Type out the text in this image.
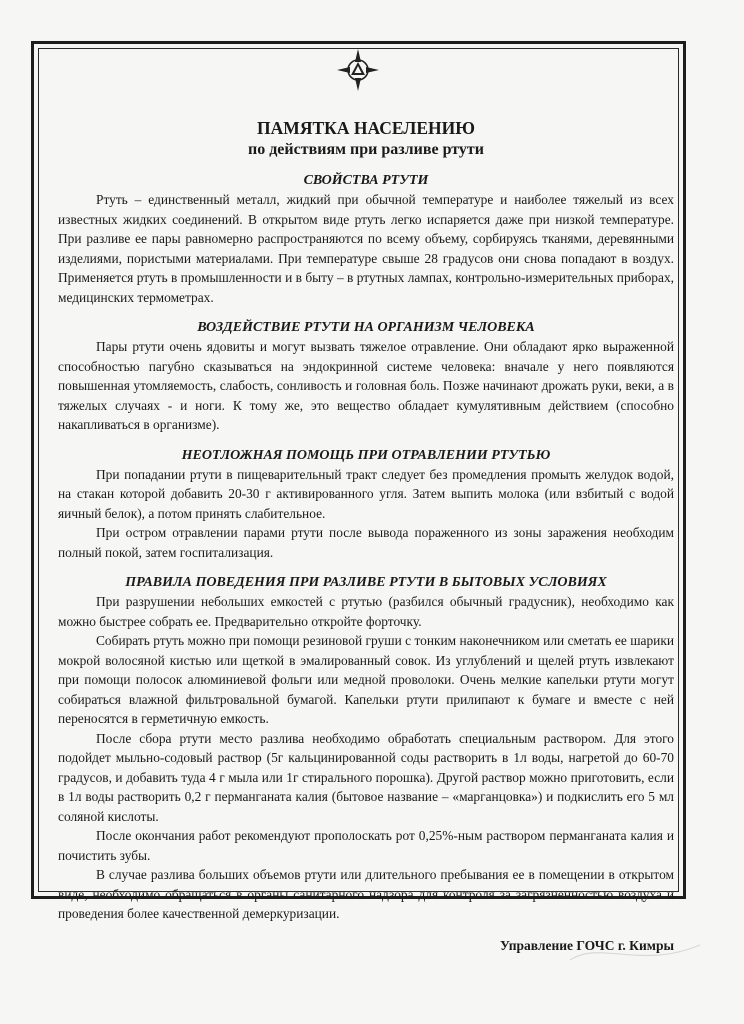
ПАМЯТКА НАСЕЛЕНИЮ
по действиям при разливе ртути
СВОЙСТВА РТУТИ

Ртуть – единственный металл, жидкий при обычной температуре и наиболее тяжелый из всех известных жидких соединений. В открытом виде ртуть легко испаряется даже при низкой температуре. При разливе ее пары равномерно распространяются по всему объему, сорбируясь тканями, деревянными изделиями, пористыми материалами. При температуре свыше 28 градусов они снова попадают в воздух. Применяется ртуть в промышленности и в быту – в ртутных лампах, контрольно-измерительных приборах, медицинских термометрах.

ВОЗДЕЙСТВИЕ РТУТИ НА ОРГАНИЗМ ЧЕЛОВЕКА

Пары ртути очень ядовиты и могут вызвать тяжелое отравление. Они обладают ярко выраженной способностью пагубно сказываться на эндокринной системе человека: вначале у него появляются повышенная утомляемость, слабость, сонливость и головная боль. Позже начинают дрожать руки, веки, а в тяжелых случаях - и ноги. К тому же, это вещество обладает кумулятивным действием (способно накапливаться в организме).

НЕОТЛОЖНАЯ ПОМОЩЬ ПРИ ОТРАВЛЕНИИ РТУТЬЮ

При попадании ртути в пищеварительный тракт следует без промедления промыть желудок водой, на стакан которой добавить 20-30 г активированного угля. Затем выпить молока (или взбитый с водой яичный белок), а потом принять слабительное.

При остром отравлении парами ртути после вывода пораженного из зоны заражения необходим полный покой, затем госпитализация.

ПРАВИЛА ПОВЕДЕНИЯ ПРИ РАЗЛИВЕ РТУТИ В БЫТОВЫХ УСЛОВИЯХ

При разрушении небольших емкостей с ртутью (разбился обычный градусник), необходимо как можно быстрее собрать ее. Предварительно откройте форточку.

Собирать ртуть можно при помощи резиновой груши с тонким наконечником или сметать ее шарики мокрой волосяной кистью или щеткой в эмалированный совок. Из углублений и щелей ртуть извлекают при помощи полосок алюминиевой фольги или медной проволоки. Очень мелкие капельки ртути могут собираться влажной фильтровальной бумагой. Капельки ртути прилипают к бумаге и вместе с ней переносятся в герметичную емкость.

После сбора ртути место разлива необходимо обработать специальным раствором. Для этого подойдет мыльно-содовый раствор (5г кальцинированной соды растворить в 1л воды, нагретой до 60-70 градусов, и добавить туда 4 г мыла или 1г стирального порошка). Другой раствор можно приготовить, если в 1л воды растворить 0,2 г перманганата калия (бытовое название – «марганцовка») и подкислить его 5 мл соляной кислоты.

После окончания работ рекомендуют прополоскать рот 0,25%-ным раствором перманганата калия и почистить зубы.

В случае разлива больших объемов ртути или длительного пребывания ее в помещении в открытом виде, необходимо обращаться в органы санитарного надзора для контроля за загрязненностью воздуха и проведения более качественной демеркуризации.

Управление ГОЧС г. Кимры
